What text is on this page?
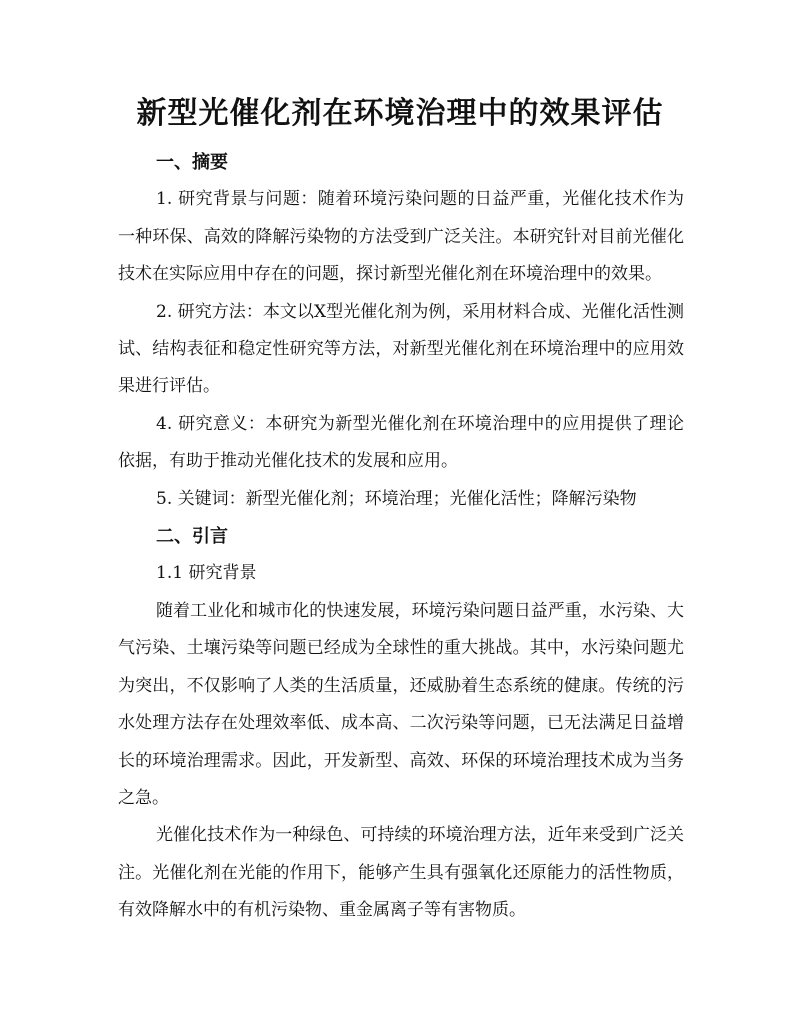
新型光催化剂在环境治理中的效果评估

一、摘要

1. 研究背景与问题：随着环境污染问题的日益严重，光催化技术作为一种环保、高效的降解污染物的方法受到广泛关注。本研究针对目前光催化技术在实际应用中存在的问题，探讨新型光催化剂在环境治理中的效果。

2. 研究方法：本文以X型光催化剂为例，采用材料合成、光催化活性测试、结构表征和稳定性研究等方法，对新型光催化剂在环境治理中的应用效果进行评估。

4. 研究意义：本研究为新型光催化剂在环境治理中的应用提供了理论依据，有助于推动光催化技术的发展和应用。

5. 关键词：新型光催化剂；环境治理；光催化活性；降解污染物

二、引言

1.1 研究背景

随着工业化和城市化的快速发展，环境污染问题日益严重，水污染、大气污染、土壤污染等问题已经成为全球性的重大挑战。其中，水污染问题尤为突出，不仅影响了人类的生活质量，还威胁着生态系统的健康。传统的污水处理方法存在处理效率低、成本高、二次污染等问题，已无法满足日益增长的环境治理需求。因此，开发新型、高效、环保的环境治理技术成为当务之急。

光催化技术作为一种绿色、可持续的环境治理方法，近年来受到广泛关注。光催化剂在光能的作用下，能够产生具有强氧化还原能力的活性物质，有效降解水中的有机污染物、重金属离子等有害物质。
